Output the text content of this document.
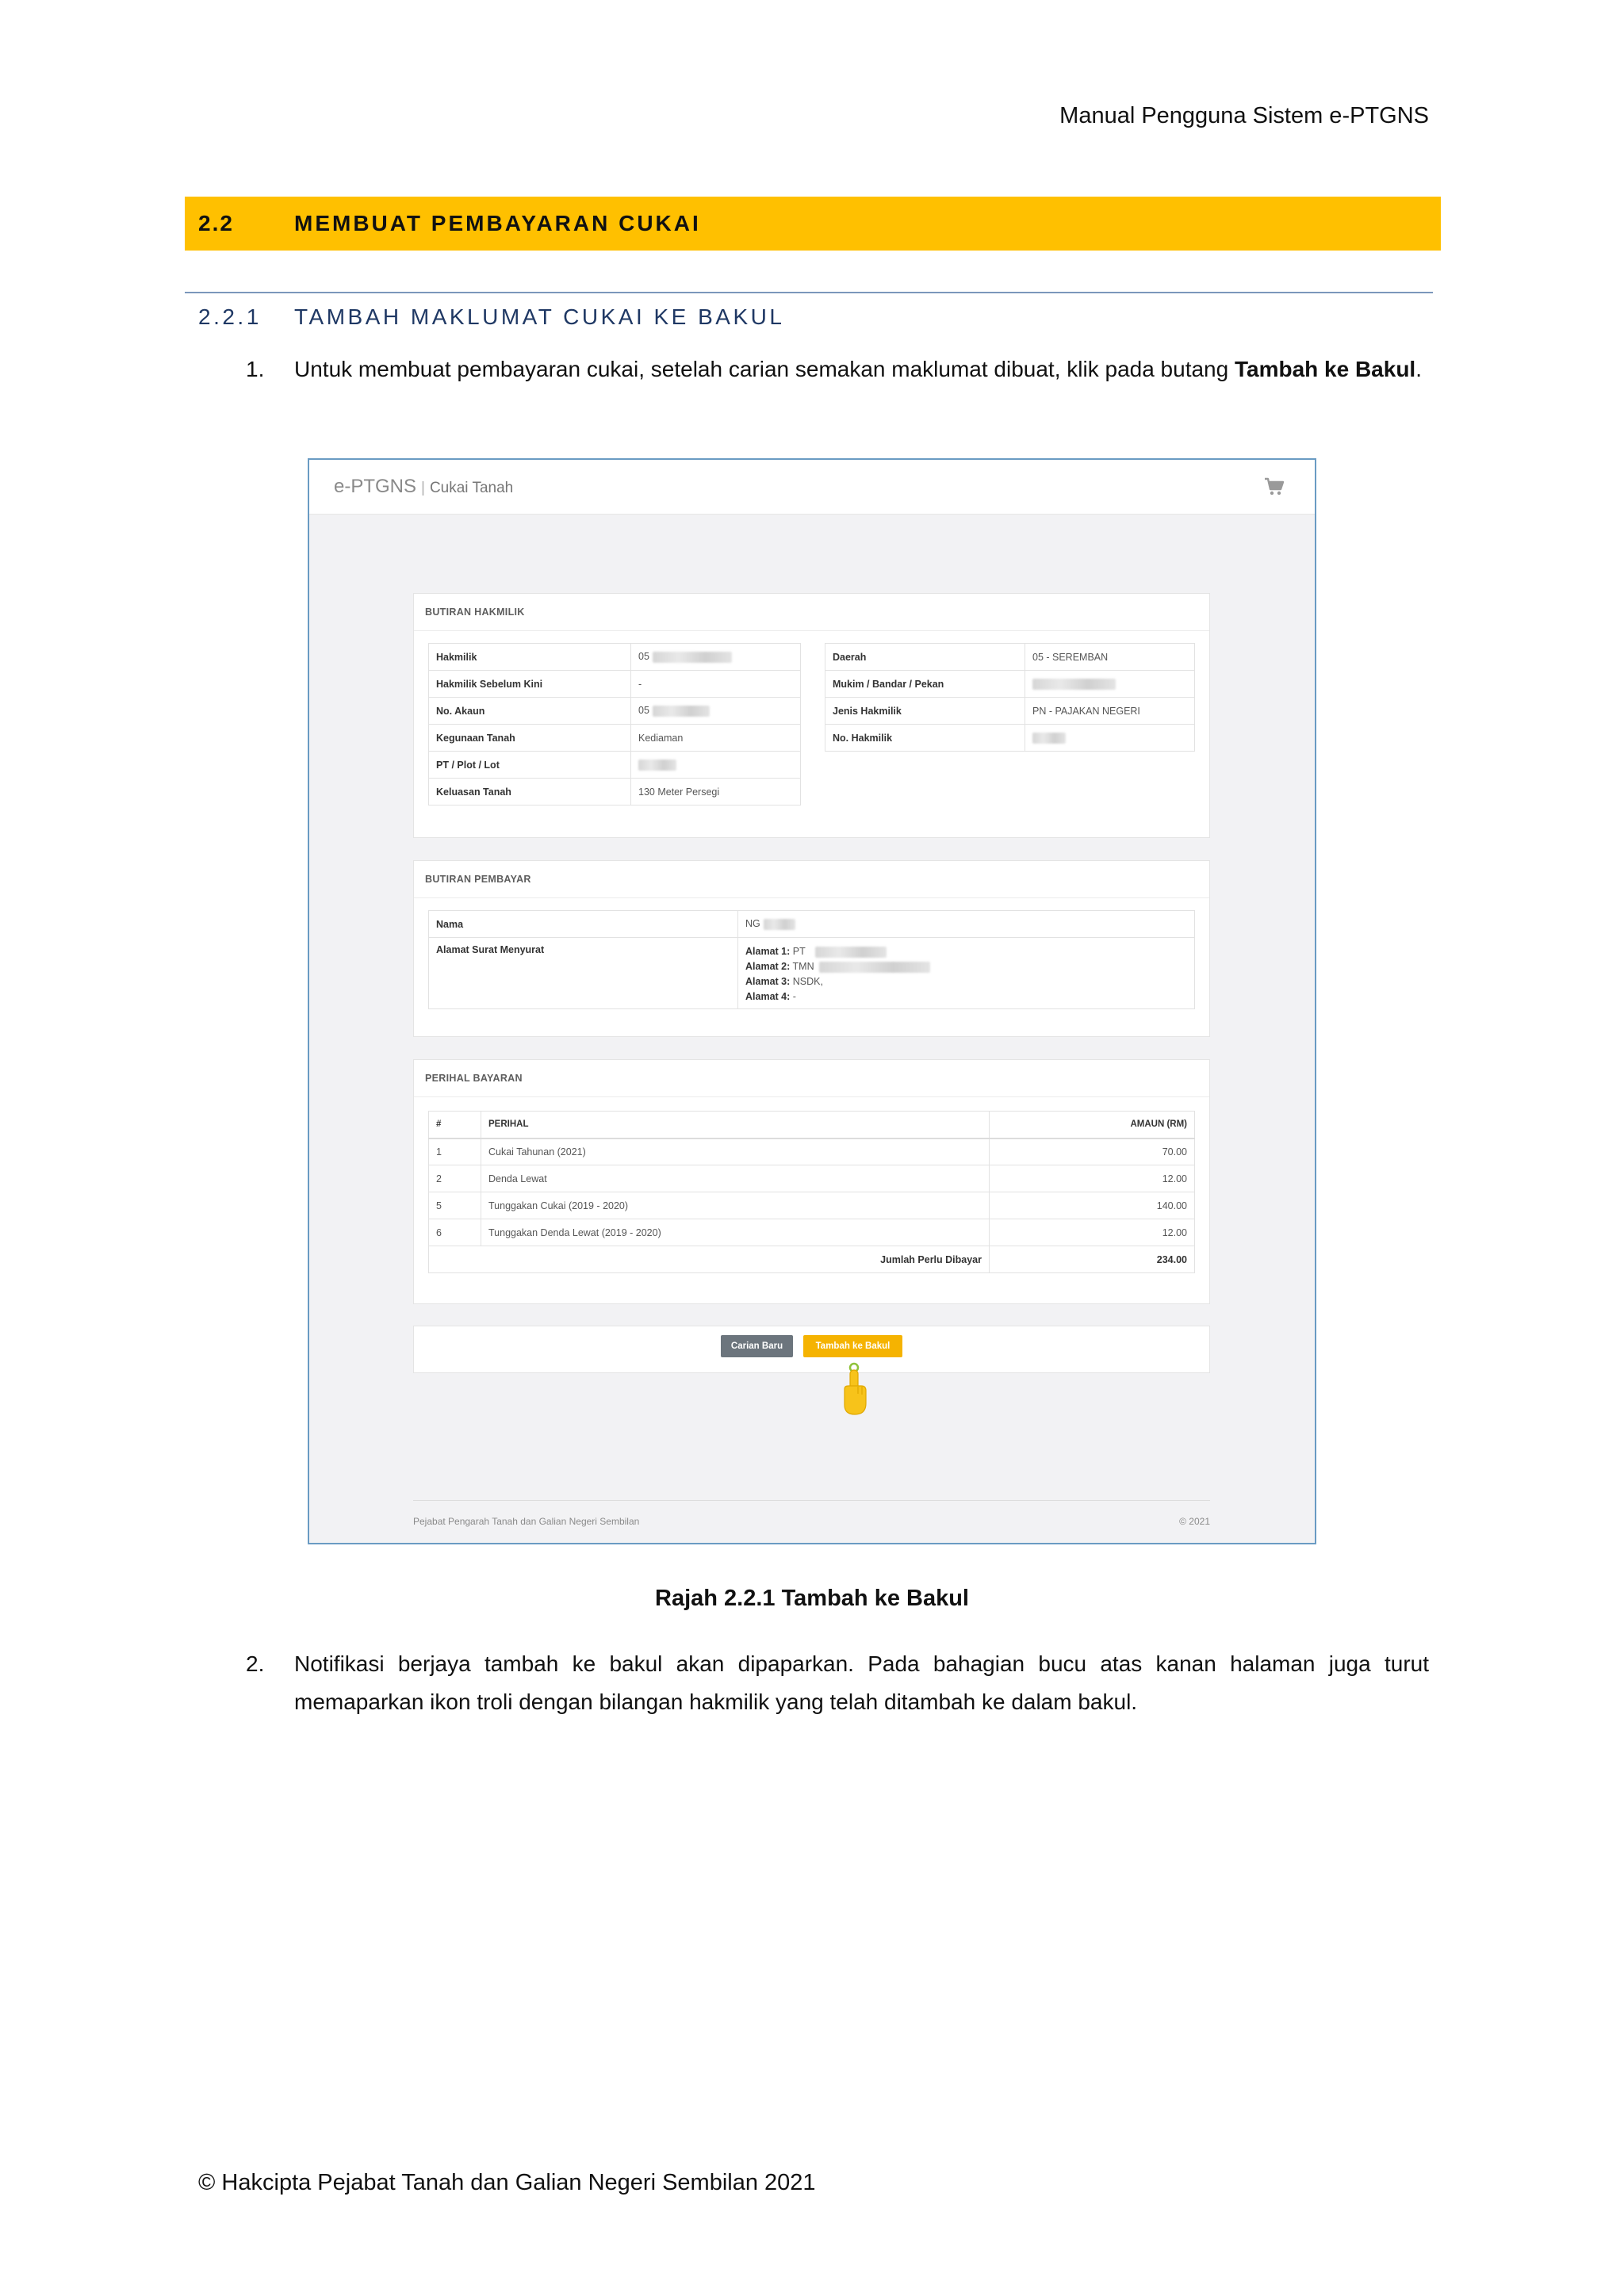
Manual Pengguna Sistem e-PTGNS
2.2	MEMBUAT PEMBAYARAN CUKAI
2.2.1 TAMBAH MAKLUMAT CUKAI KE BAKUL
1. Untuk membuat pembayaran cukai, setelah carian semakan maklumat dibuat, klik pada butang Tambah ke Bakul.

e-PTGNS | Cukai Tanah
BUTIRAN HAKMILIK
Hakmilik	05
Hakmilik Sebelum Kini	-
No. Akaun	05
Kegunaan Tanah	Kediaman
PT / Plot / Lot	
Keluasan Tanah	130 Meter Persegi
Daerah	05 - SEREMBAN
Mukim / Bandar / Pekan	
Jenis Hakmilik	PN - PAJAKAN NEGERI
No. Hakmilik	
BUTIRAN PEMBAYAR
Nama	NG
Alamat Surat Menyurat	Alamat 1: PT
Alamat 2: TMN
Alamat 3: NSDK,
Alamat 4: -
PERIHAL BAYARAN
#	PERIHAL	AMAUN (RM)
1	Cukai Tahunan (2021)	70.00
2	Denda Lewat	12.00
5	Tunggakan Cukai (2019 - 2020)	140.00
6	Tunggakan Denda Lewat (2019 - 2020)	12.00
Jumlah Perlu Dibayar		234.00
Carian Baru	Tambah ke Bakul
Pejabat Pengarah Tanah dan Galian Negeri Sembilan	© 2021
Rajah 2.2.1 Tambah ke Bakul
2. Notifikasi berjaya tambah ke bakul akan dipaparkan. Pada bahagian bucu atas kanan halaman juga turut memaparkan ikon troli dengan bilangan hakmilik yang telah ditambah ke dalam bakul.

© Hakcipta Pejabat Tanah dan Galian Negeri Sembilan 2021
